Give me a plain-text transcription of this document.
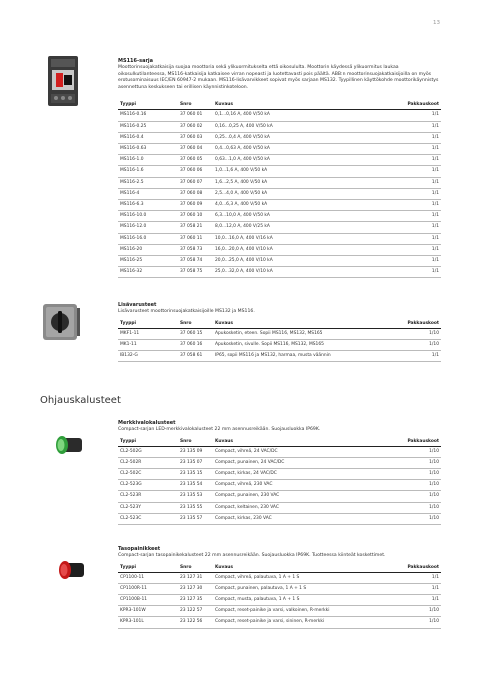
13

MS116-sarja

Moottorinsuojakatkaisija suojaa moottoria sekä ylikuormitukselta että oikosululta. Moottorin käydessä ylikuormitus laukaa oikosulkutilanteessa, MS116-katkaisija katkaisee virran nopeasti ja luotettavasti pois päältä. ABB:n moottorinsuojakatkaisijoilla on myös erotusominaisuus IEC/EN 60947-2 mukaan. MS116-lisävarvikkeet sopivat myös sarjaan MS132. Tyypillinen käyttökohde moottorikäynnistys asennettuna keskukseen tai erillisen käynnistinkoteloon.

Tyyppi	Snro	Kuvaus	Pakkauskoot
MS116-0.16	37 060 01	0,1...0,16 A, 400 V/50 kA	1/1
MS116-0.25	37 060 02	0,16...0,25 A, 400 V/50 kA	1/1
MS116-0.4	37 060 03	0,25...0,4 A, 400 V/50 kA	1/1
MS116-0.63	37 060 04	0,4...0,63 A, 400 V/50 kA	1/1
MS116-1.0	37 060 05	0,63...1,0 A, 400 V/50 kA	1/1
MS116-1.6	37 060 06	1,0...1,6 A, 400 V/50 kA	1/1
MS116-2.5	37 060 07	1,6...2,5 A, 400 V/50 kA	1/1
MS116-4	37 060 08	2,5...4,0 A, 400 V/50 kA	1/1
MS116-6.3	37 060 09	4,0...6,3 A, 400 V/50 kA	1/1
MS116-10.0	37 060 10	6,3...10,0 A, 400 V/50 kA	1/1
MS116-12.0	37 058 21	8,0...12,0 A, 400 V/25 kA	1/1
MS116-16.0	37 060 11	10,0...16,0 A, 400 V/16 kA	1/1
MS116-20	37 058 73	16,0...20,0 A, 400 V/10 kA	1/1
MS116-25	37 058 74	20,0...25,0 A, 400 V/10 kA	1/1
MS116-32	37 058 75	25,0...32,0 A, 400 V/10 kA	1/1

Lisävarusteet

Lisävarusteet moottorinsuojakatkaisijoille MS132 ja MS116.

Tyyppi	Snro	Kuvaus	Pakkauskoot
MKF1-11	37 060 15	Apukosketin, eteen. Sopii MS116, MS132, MS165	1/10
MK1-11	37 060 16	Apukosketin, sivulle. Sopii MS116, MS132, MS165	1/10
IB132-G	37 058 61	IP65, sopii MS116 ja MS132, harmaa, musta väännin	1/1
Ohjauskalusteet

Merkkivalokalusteet

Compact-sarjan LED-merkkivalokalusteet 22 mm asennusreikään. Suojausluokka IP69K.

Tyyppi	Snro	Kuvaus	Pakkauskoot
CL2-502G	23 135 09	Compact, vihreä, 24 VAC/DC	1/10
CL2-502R	23 135 07	Compact, punainen, 24 VAC/DC	1/10
CL2-502C	23 135 15	Compact, kirkas, 24 VAC/DC	1/10
CL2-523G	23 135 54	Compact, vihreä, 230 VAC	1/10
CL2-523R	23 135 53	Compact, punainen, 230 VAC	1/10
CL2-523Y	23 135 55	Compact, keltainen, 230 VAC	1/10
CL2-523C	23 135 57	Compact, kirkas, 230 VAC	1/10

Tasopainikkeet

Compact-sarjan tasopainikekalusteet 22 mm asennusreikään. Suojausluokka IP69K. Tuotteessa kiinteät koskettimet.

Tyyppi	Snro	Kuvaus	Pakkauskoot
CP1100-11	23 127 31	Compact, vihreä, palautuva, 1 A + 1 S	1/1
CP1100R-11	23 127 30	Compact, punainen, palautuva, 1 A + 1 S	1/1
CP1100B-11	23 127 35	Compact, musta, palautuva, 1 A + 1 S	1/1
KPR3-101W	23 122 57	Compact, reset-painike ja varsi, valkoinen, R-merkki	1/10
KPR3-101L	23 122 56	Compact, reset-painike ja varsi, sininen, R-merkki	1/10
